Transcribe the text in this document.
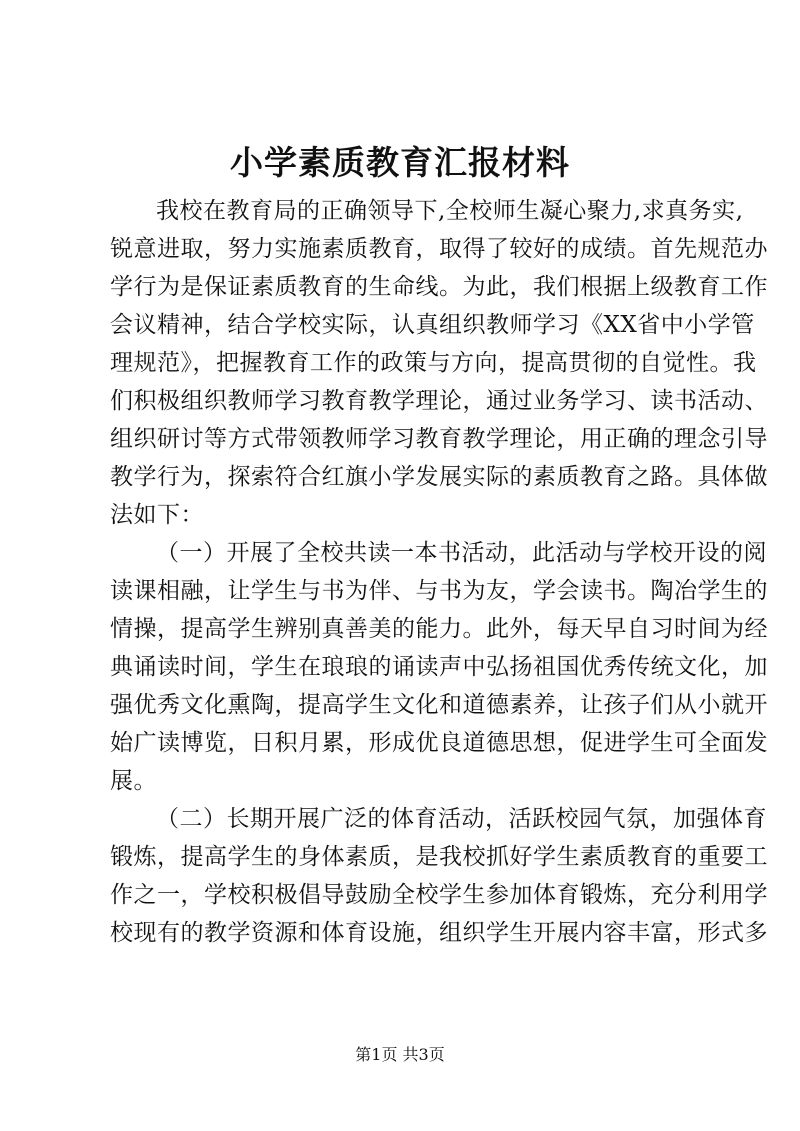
小学素质教育汇报材料
我校在教育局的正确领导下,全校师生凝心聚力,求真务实,
锐意进取，努力实施素质教育，取得了较好的成绩。首先规范办
学行为是保证素质教育的生命线。为此，我们根据上级教育工作
会议精神，结合学校实际，认真组织教师学习《XX省中小学管
理规范》，把握教育工作的政策与方向，提高贯彻的自觉性。我
们积极组织教师学习教育教学理论，通过业务学习、读书活动、
组织研讨等方式带领教师学习教育教学理论，用正确的理念引导
教学行为，探索符合红旗小学发展实际的素质教育之路。具体做
法如下：
（一）开展了全校共读一本书活动，此活动与学校开设的阅
读课相融，让学生与书为伴、与书为友，学会读书。陶冶学生的
情操，提高学生辨别真善美的能力。此外，每天早自习时间为经
典诵读时间，学生在琅琅的诵读声中弘扬祖国优秀传统文化，加
强优秀文化熏陶，提高学生文化和道德素养，让孩子们从小就开
始广读博览，日积月累，形成优良道德思想，促进学生可全面发
展。
（二）长期开展广泛的体育活动，活跃校园气氛，加强体育
锻炼，提高学生的身体素质，是我校抓好学生素质教育的重要工
作之一，学校积极倡导鼓励全校学生参加体育锻炼，充分利用学
校现有的教学资源和体育设施，组织学生开展内容丰富，形式多
第1页 共3页
